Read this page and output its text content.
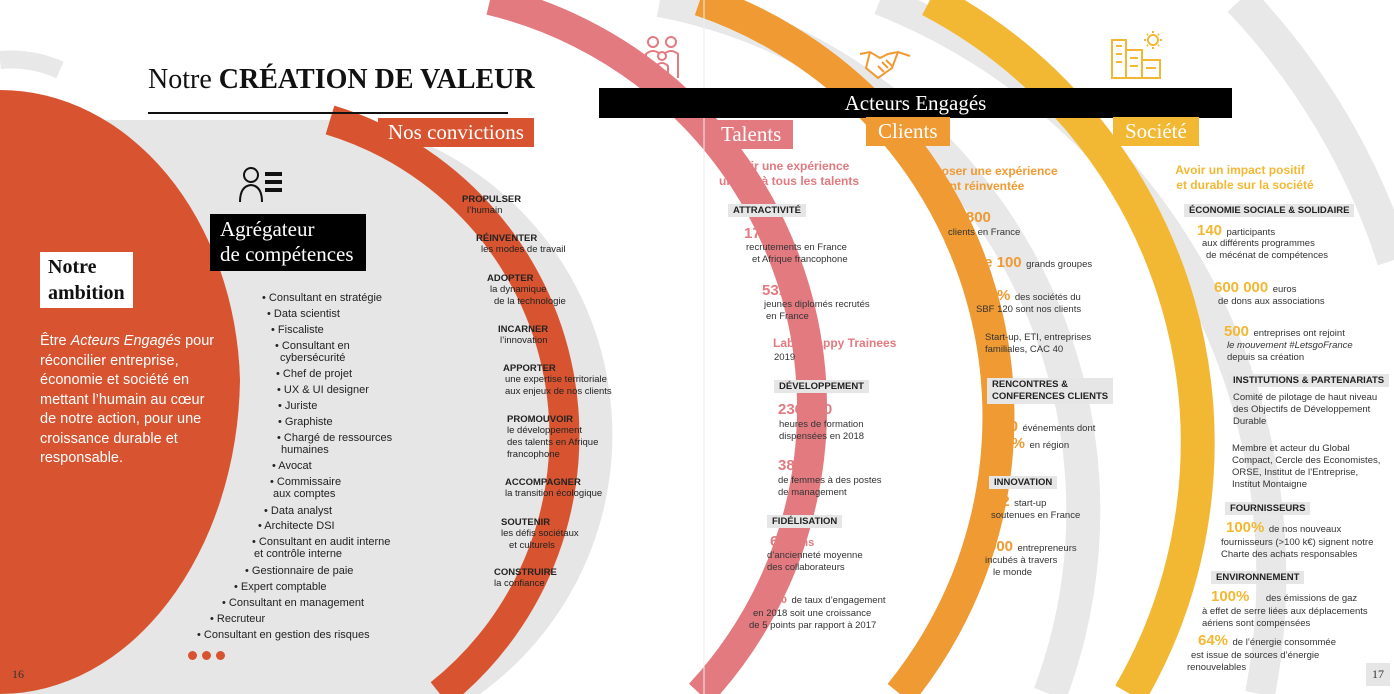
Notre CRÉATION DE VALEUR
Nos convictions
Agrégateur
de compétences
Notre
ambition
Être Acteurs Engagés pour réconcilier entreprise, économie et société en mettant l’humain au cœur de notre action, pour une croissance durable et responsable.
• Consultant en stratégie
• Data scientist
• Fiscaliste
• Consultant en
cybersécurité
• Chef de projet
• UX & UI designer
• Juriste
• Graphiste
• Chargé de ressources
humaines
• Avocat
• Commissaire
aux comptes
• Data analyst
• Architecte DSI
• Consultant en audit interne
et contrôle interne
• Gestionnaire de paie
• Expert comptable
• Consultant en management
• Recruteur
• Consultant en gestion des risques
PROPULSER
l’humain
RÉINVENTER
les modes de travail
ADOPTER
la dynamique
de la technologie
INCARNER
l’innovation
APPORTER
une expertise territoriale
aux enjeux de nos clients
PROMOUVOIR
le développement
des talents en Afrique
francophone
ACCOMPAGNER
la transition écologique
SOUTENIR
les défis sociétaux
et culturels
CONSTRUIRE
la confiance
16
Acteurs Engagés
Talents	Clients	Société
Offrir une expérience
unique à tous les talents
ATTRACTIVITÉ
1700
recrutements en France
et Afrique francophone
531
jeunes diplomés recrutés
en France
Label Happy Trainees
2019
DÉVELOPPEMENT
236 000
heures de formation
dispensées en 2018
38%
de femmes à des postes
de management
FIDÉLISATION
6,2 ans
d’ancienneté moyenne
des collaborateurs
75% de taux d’engagement
en 2018 soit une croissance
de 5 points par rapport à 2017
Proposer une expérience
client réinventée
25 800
clients en France
+ de 100 grands groupes
100% des sociétés du
SBF 120 sont nos clients
Start-up, ETI, entreprises
familiales, CAC 40
RENCONTRES &
CONFERENCES CLIENTS
200 événements dont
50% en région
INNOVATION
32 start-up
soutenues en France
900 entrepreneurs
incubés à travers
le monde
Avoir un impact positif
et durable sur la société
ÉCONOMIE SOCIALE & SOLIDAIRE
140 participants
aux différents programmes
de mécénat de compétences
600 000 euros
de dons aux associations
500 entreprises ont rejoint
le mouvement #LetsgoFrance
depuis sa création
INSTITUTIONS & PARTENARIATS
Comité de pilotage de haut niveau
des Objectifs de Développement
Durable
Membre et acteur du Global
Compact, Cercle des Economistes,
ORSE, Institut de l’Entreprise,
Institut Montaigne
FOURNISSEURS
100% de nos nouveaux
fournisseurs (>100 k€) signent notre
Charte des achats responsables
ENVIRONNEMENT
100% des émissions de gaz
à effet de serre liées aux déplacements
aériens sont compensées
64% de l’énergie consommée
est issue de sources d’énergie
renouvelables	17
